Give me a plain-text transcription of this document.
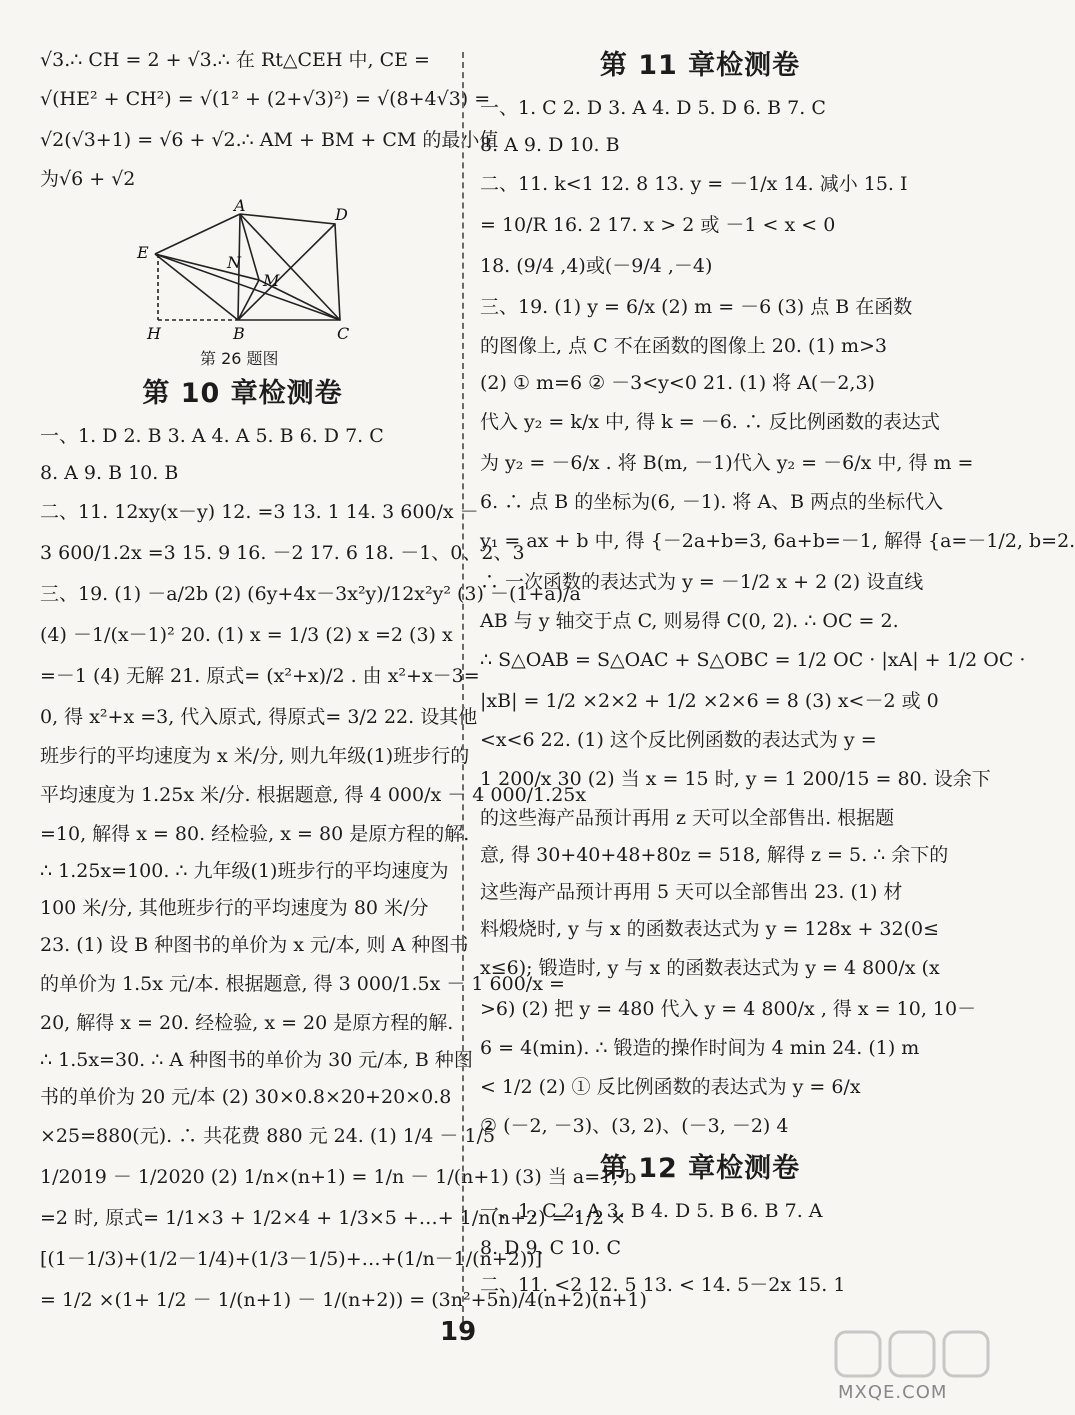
√3.∴ CH = 2 + √3.∴ 在 Rt△CEH 中, CE =
√(HE² + CH²) = √(1² + (2+√3)²) = √(8+4√3) =
√2(√3+1) = √6 + √2.∴ AM + BM + CM 的最小值
为√6 + √2
A	D
E
N
M
H	B	C
第 26 题图
第 10 章检测卷
一、1. D 2. B 3. A 4. A 5. B 6. D 7. C
8. A 9. B 10. B
二、11. 12xy(x－y) 12. =3 13. 1 14. 3 600/x －
3 600/1.2x =3 15. 9 16. －2 17. 6 18. －1、0、2、3
三、19. (1) －a/2b (2) (6y+4x－3x²y)/12x²y² (3) －(1+a)/a
(4) －1/(x－1)² 20. (1) x = 1/3 (2) x =2 (3) x
=－1 (4) 无解 21. 原式= (x²+x)/2 . 由 x²+x－3=
0, 得 x²+x =3, 代入原式, 得原式= 3/2 22. 设其他
班步行的平均速度为 x 米/分, 则九年级(1)班步行的
平均速度为 1.25x 米/分. 根据题意, 得 4 000/x － 4 000/1.25x
=10, 解得 x = 80. 经检验, x = 80 是原方程的解.
∴ 1.25x=100. ∴ 九年级(1)班步行的平均速度为
100 米/分, 其他班步行的平均速度为 80 米/分
23. (1) 设 B 种图书的单价为 x 元/本, 则 A 种图书
的单价为 1.5x 元/本. 根据题意, 得 3 000/1.5x － 1 600/x =
20, 解得 x = 20. 经检验, x = 20 是原方程的解.
∴ 1.5x=30. ∴ A 种图书的单价为 30 元/本, B 种图
书的单价为 20 元/本 (2) 30×0.8×20+20×0.8
×25=880(元). ∴ 共花费 880 元 24. (1) 1/4 － 1/5
1/2019 － 1/2020 (2) 1/n×(n+1) = 1/n － 1/(n+1) (3) 当 a=1, b
=2 时, 原式= 1/1×3 + 1/2×4 + 1/3×5 +…+ 1/n(n+2) = 1/2 ×
[(1－1/3)+(1/2－1/4)+(1/3－1/5)+…+(1/n－1/(n+2))]
= 1/2 ×(1+ 1/2 － 1/(n+1) － 1/(n+2)) = (3n²+5n)/4(n+2)(n+1)
第 11 章检测卷
一、1. C 2. D 3. A 4. D 5. D 6. B 7. C
8. A 9. D 10. B
二、11. k<1 12. 8 13. y = －1/x 14. 减小 15. I
= 10/R 16. 2 17. x > 2 或 －1 < x < 0
18. (9/4 ,4)或(－9/4 ,－4)
三、19. (1) y = 6/x (2) m = －6 (3) 点 B 在函数
的图像上, 点 C 不在函数的图像上 20. (1) m>3
(2) ① m=6 ② －3<y<0 21. (1) 将 A(－2,3)
代入 y₂ = k/x 中, 得 k = －6. ∴ 反比例函数的表达式
为 y₂ = －6/x . 将 B(m, －1)代入 y₂ = －6/x 中, 得 m =
6. ∴ 点 B 的坐标为(6, －1). 将 A、B 两点的坐标代入
y₁ = ax + b 中, 得 {－2a+b=3, 6a+b=－1, 解得 {a=－1/2, b=2.
∴ 一次函数的表达式为 y = －1/2 x + 2 (2) 设直线
AB 与 y 轴交于点 C, 则易得 C(0, 2). ∴ OC = 2.
∴ S△OAB = S△OAC + S△OBC = 1/2 OC · |xA| + 1/2 OC ·
|xB| = 1/2 ×2×2 + 1/2 ×2×6 = 8 (3) x<－2 或 0
<x<6 22. (1) 这个反比例函数的表达式为 y =
1 200/x 30 (2) 当 x = 15 时, y = 1 200/15 = 80. 设余下
的这些海产品预计再用 z 天可以全部售出. 根据题
意, 得 30+40+48+80z = 518, 解得 z = 5. ∴ 余下的
这些海产品预计再用 5 天可以全部售出 23. (1) 材
料煅烧时, y 与 x 的函数表达式为 y = 128x + 32(0≤
x≤6); 锻造时, y 与 x 的函数表达式为 y = 4 800/x (x
>6) (2) 把 y = 480 代入 y = 4 800/x , 得 x = 10, 10－
6 = 4(min). ∴ 锻造的操作时间为 4 min 24. (1) m
< 1/2 (2) ① 反比例函数的表达式为 y = 6/x
② (－2, －3)、(3, 2)、(－3, －2) 4
第 12 章检测卷
一、1. C 2. A 3. B 4. D 5. B 6. B 7. A
8. D 9. C 10. C
二、11. <2 12. 5 13. < 14. 5－2x 15. 1
19
MXQE.COM
